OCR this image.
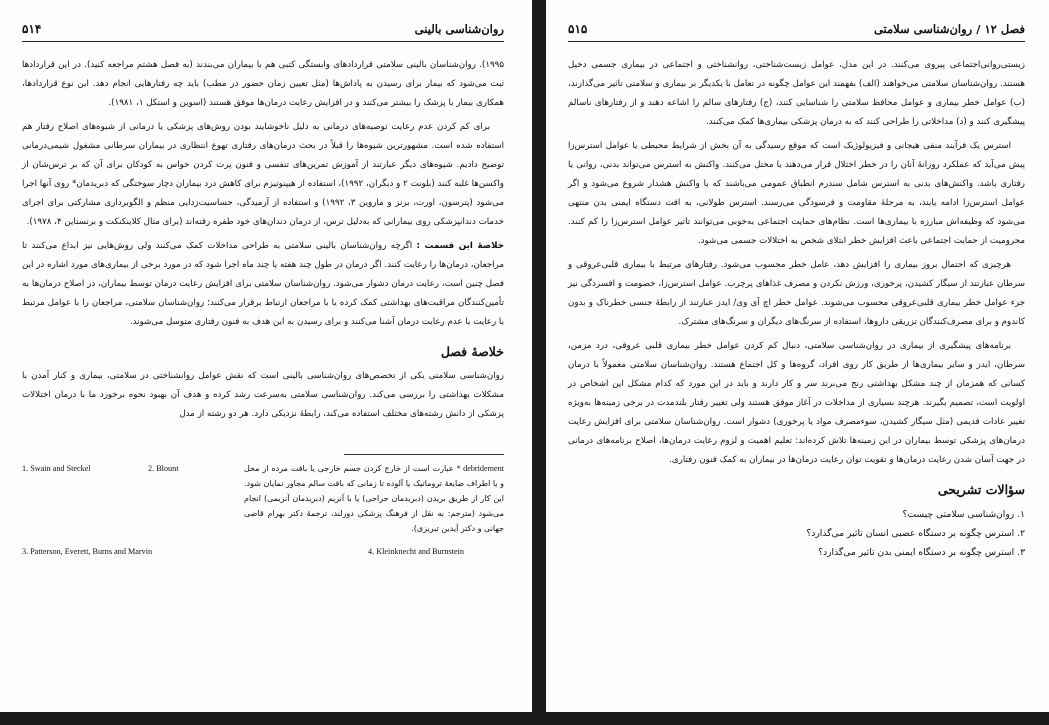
۵۱۴	روان‌شناسی بالینی

۱۹۹۵). روان‌شناسان بالینی سلامتی قراردادهای وابستگی کتبی هم با بیماران می‌بندند (به فصل هشتم مراجعه کنید). در این قراردادها ثبت می‌شود که بیمار برای رسیدن به پاداش‌ها (مثل تعیین زمان حضور در مطب) باید چه رفتارهایی انجام دهد. این نوع قراردادها، همکاری بیمار با پزشک را بیشتر می‌کنند و در افزایش رعایت درمان‌ها موفق هستند (اسوین و استکل ۱، ۱۹۸۱).

برای کم کردن عدم رعایت توصیه‌های درمانی به دلیل ناخوشایند بودن روش‌های پزشکی یا درمانی از شیوه‌های اصلاح رفتار هم استفاده شده است. مشهورترین شیوه‌ها را قبلاً در بحث درمان‌های رفتاری تهوع انتظاری در بیماران سرطانی مشغول شیمی‌درمانی توضیح دادیم. شیوه‌های دیگر عبارتند از آموزش تمرین‌های تنفسی و فنون پرت کردن حواس به کودکان برای آن که بر ترس‌شان از واکسن‌ها غلبه کنند (بلونت ۲ و دیگران، ۱۹۹۲)، استفاده از هیپنوتیزم برای کاهش درد بیماران دچار سوختگی که دبریدمان* روی آنها اجرا می‌شود (پترسون، اورت، برنز و ماروین ۳، ۱۹۹۲) و استفاده از آرمیدگی، حساسیت‌زدایی منظم و الگوبرداری مشارکتی برای اجرای خدمات دندانپزشکی روی بیمارانی که به‌دلیل ترس، از درمان دندان‌های خود طفره رفته‌اند (برای مثال کلاینکنکت و برنستاین ۴، ۱۹۷۸).

خلاصهٔ این قسمت : اگرچه روان‌شناسان بالینی سلامتی به طراحی مداخلات کمک می‌کنند ولی روش‌هایی نیز ابداع می‌کنند تا مراجعان، درمان‌ها را رعایت کنند. اگر درمان در طول چند هفته یا چند ماه اجرا شود که در مورد برخی از بیماری‌های مورد اشاره در این فصل چنین است، رعایت درمان دشوار می‌شود. روان‌شناسان سلامتی برای افزایش رعایت درمان توسط بیماران، در اصلاح درمان‌ها به تأمین‌کنندگان مراقبت‌های بهداشتی کمک کرده یا با مراجعان ارتباط برقرار می‌کنند؛ روان‌شناسان سلامتی، مراجعان را با عوامل مرتبط با رعایت یا عدم رعایت درمان آشنا می‌کنند و برای رسیدن به این هدف به فنون رفتاری متوسل می‌شوند.

خلاصهٔ فصل

روان‌شناسی سلامتی یکی از تخصص‌های روان‌شناسی بالینی است که نقش عوامل روانشناختی در سلامتی، بیماری و کنار آمدن با مشکلات بهداشتی را بررسی می‌کند. روان‌شناسی سلامتی به‌سرعت رشد کرده و هدف آن بهبود نحوه برخورد ما با درمان اختلالات پزشکی از دانش رشته‌های مختلف استفاده می‌کند، رابطهٔ نزدیکی دارد. هر دو رشته از مدل

1. Swain and Steckel	2. Blount	debridement * عبارت است از خارج کردن جسم خارجی یا بافت مرده از محل و یا اطراف ضایعهٔ تروماتیک یا آلوده تا زمانی که بافت سالم مجاور نمایان شود. این کار از طریق بریدن (دبریدمان جراحی) یا با آنزیم (دبریدمان آنزیمی) انجام می‌شود (مترجم: به نقل از فرهنگ پزشکی دورلند، ترجمهٔ دکتر بهرام قاضی جهانی و دکتر آیدین تبریزی).
3. Patterson, Everett, Burns and Marvin	4. Kleinknecht and Burnstein
۵۱۵	فصل ۱۲ / روان‌شناسی سلامتی

زیستی‌روانی‌اجتماعی پیروی می‌کنند. در این مدل، عوامل زیست‌شناختی، روانشناختی و اجتماعی در بیماری جسمی دخیل هستند. روان‌شناسان سلامتی می‌خواهند (الف) بفهمند این عوامل چگونه در تعامل با یکدیگر بر بیماری و سلامتی تاثیر می‌گذارند، (ب) عوامل خطر بیماری و عوامل محافظ سلامتی را شناسایی کنند، (ج) رفتارهای سالم را اشاعه دهند و از رفتارهای ناسالم پیشگیری کنند و (د) مداخلاتی را طراحی کنند که به درمان پزشکی بیماری‌ها کمک می‌کنند.

استرس یک فرآیند منفی هیجانی و فیزیولوژیک است که موقع رسیدگی به آن بخش از شرایط محیطی یا عوامل استرس‌زا پیش می‌آید که عملکرد روزانهٔ آنان را در خطر اختلال قرار می‌دهند یا مختل می‌کنند. واکنش به استرس می‌تواند بدنی، روانی یا رفتاری باشد. واکنش‌های بدنی به استرس شامل سندرم انطباق عمومی می‌باشند که با واکنش هشدار شروع می‌شود و اگر عوامل استرس‌زا ادامه یابند، به مرحلهٔ مقاومت و فرسودگی می‌رسند. استرس طولانی، به افت دستگاه ایمنی بدن منتهی می‌شود که وظیفه‌اش مبارزه با بیماری‌ها است. نظام‌های حمایت اجتماعی به‌خوبی می‌توانند تاثیر عوامل استرس‌زا را کم کنند. محرومیت از حمایت اجتماعی باعث افزایش خطر ابتلای شخص به اختلالات جسمی می‌شود.

هرچیزی که احتمال بروز بیماری را افزایش دهد، عامل خطر محسوب می‌شود. رفتارهای مرتبط با بیماری قلبی‌عروقی و سرطان عبارتند از سیگار کشیدن، پرخوری، ورزش نکردن و مصرف غذاهای پرچرب. عوامل استرس‌زا، خصومت و افسردگی نیز جزء عوامل خطر بیماری قلبی‌عروقی محسوب می‌شوند. عوامل خطر اچ آی وی/ ایدز عبارتند از رابطهٔ جنسی خطرناک و بدون کاندوم و برای مصرف‌کنندگان تزریقی داروها، استفاده از سرنگ‌های دیگران و سرنگ‌های مشترک.

برنامه‌های پیشگیری از بیماری در روان‌شناسی سلامتی، دنبال کم کردن عوامل خطر بیماری قلبی عروقی، درد مزمن، سرطان، ایدز و سایر بیماری‌ها از طریق کار روی افراد، گروه‌ها و کل اجتماع هستند. روان‌شناسان سلامتی معمولاً با درمان کسانی که همزمان از چند مشکل بهداشتی رنج می‌برند سر و کار دارند و باید در این مورد که کدام مشکل این اشخاص در اولویت است، تصمیم بگیرند. هرچند بسیاری از مداخلات در آغاز موفق هستند ولی تغییر رفتار بلندمدت در برخی زمینه‌ها به‌ویژه تغییر عادات قدیمی (مثل سیگار کشیدن، سوءمصرف مواد یا پرخوری) دشوار است. روان‌شناسان سلامتی برای افزایش رعایت درمان‌های پزشکی توسط بیماران در این زمینه‌ها تلاش کرده‌اند: تعلیم اهمیت و لزوم رعایت درمان‌ها، اصلاح برنامه‌های درمانی در جهت آسان شدن رعایت درمان‌ها و تقویت توان رعایت درمان‌ها در بیماران به کمک فنون رفتاری.

سؤالات تشریحی
۱. روان‌شناسی سلامتی چیست؟
۲. استرس چگونه بر دستگاه عصبی انسان تاثیر می‌گذارد؟
۳. استرس چگونه بر دستگاه ایمنی بدن تاثیر می‌گذارد؟
